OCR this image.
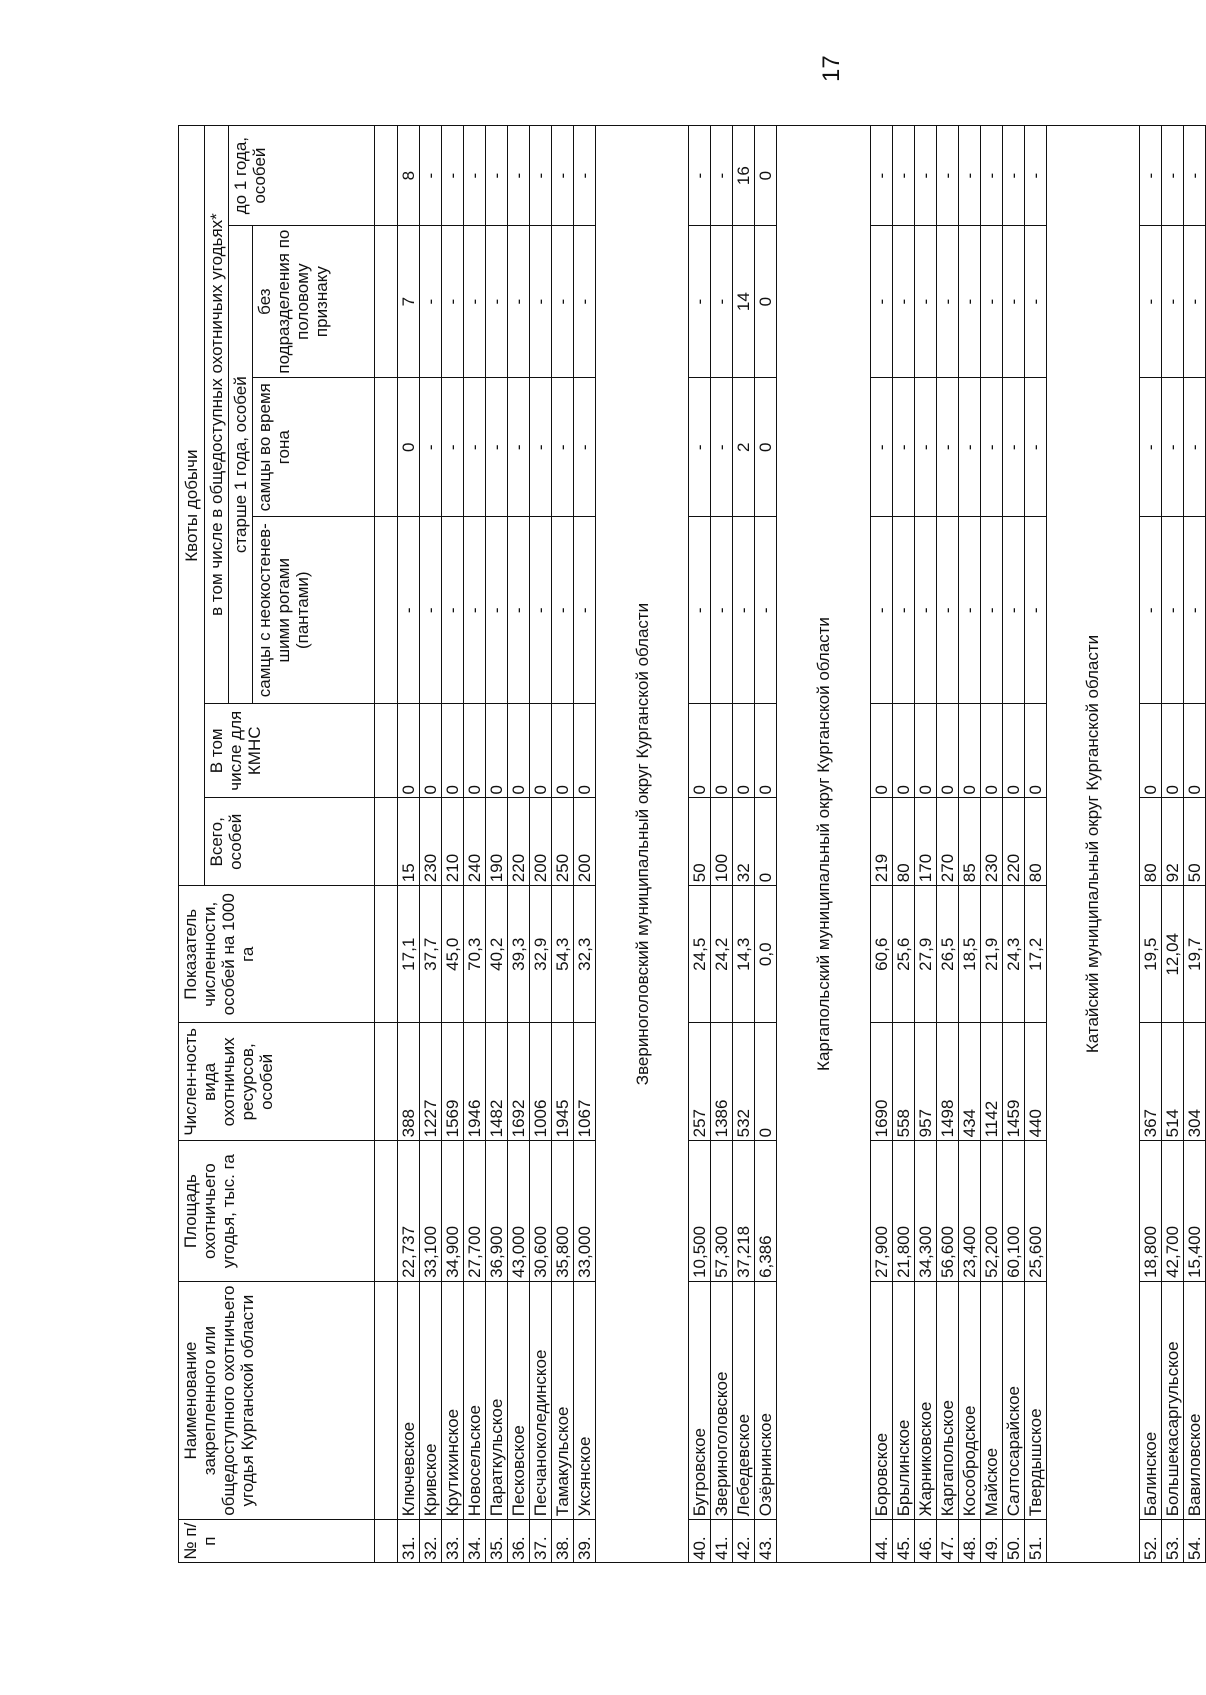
17
№ п/п	Наименование закрепленного или общедоступного охотничьего угодья Курганской области	Площадь охотничьего угодья, тыс. га	Числен-ность вида охотничьих ресурсов, особей	Показатель численности, особей на 1000 га	Квоты добычи					
					Всего, особей	В том числе для КМНС	в том числе в общедоступных охотничьих угодьях*			
							старше 1 года, особей			до 1 года, особей
							самцы с неокостенев-шими рогами (пантами)	самцы во время гона	без подразделения по половому признаку	

31.	Ключевское	22,737	388	17,1	15	0	-	0	7	8
32.	Кривское	33,100	1227	37,7	230	0	-	-	-	-
33.	Крутихинское	34,900	1569	45,0	210	0	-	-	-	-
34.	Новосельское	27,700	1946	70,3	240	0	-	-	-	-
35.	Параткульское	36,900	1482	40,2	190	0	-	-	-	-
36.	Песковское	43,000	1692	39,3	220	0	-	-	-	-
37.	Песчаноколединское	30,600	1006	32,9	200	0	-	-	-	-
38.	Тамакульское	35,800	1945	54,3	250	0	-	-	-	-
39.	Уксянское	33,000	1067	32,3	200	0	-	-	-	-
Звериноголовский муниципальный округ Курганской области										
40.	Бугровское	10,500	257	24,5	50	0	-	-	-	-
41.	Звериноголовское	57,300	1386	24,2	100	0	-	-	-	-
42.	Лебедевское	37,218	532	14,3	32	0	-	2	14	16
43.	Озёрнинское	6,386	0	0,0	0	0	-	0	0	0
Каргапольский муниципальный округ Курганской области										
44.	Боровское	27,900	1690	60,6	219	0	-	-	-	-
45.	Брылинское	21,800	558	25,6	80	0	-	-	-	-
46.	Жарниковское	34,300	957	27,9	170	0	-	-	-	-
47.	Каргапольское	56,600	1498	26,5	270	0	-	-	-	-
48.	Кособродское	23,400	434	18,5	85	0	-	-	-	-
49.	Майское	52,200	1142	21,9	230	0	-	-	-	-
50.	Салтосарайское	60,100	1459	24,3	220	0	-	-	-	-
51.	Твердышское	25,600	440	17,2	80	0	-	-	-	-
Катайский муниципальный округ Курганской области										
52.	Балинское	18,800	367	19,5	80	0	-	-	-	-
53.	Большекасаргульское	42,700	514	12,04	92	0	-	-	-	-
54.	Вавиловское	15,400	304	19,7	50	0	-	-	-	-
